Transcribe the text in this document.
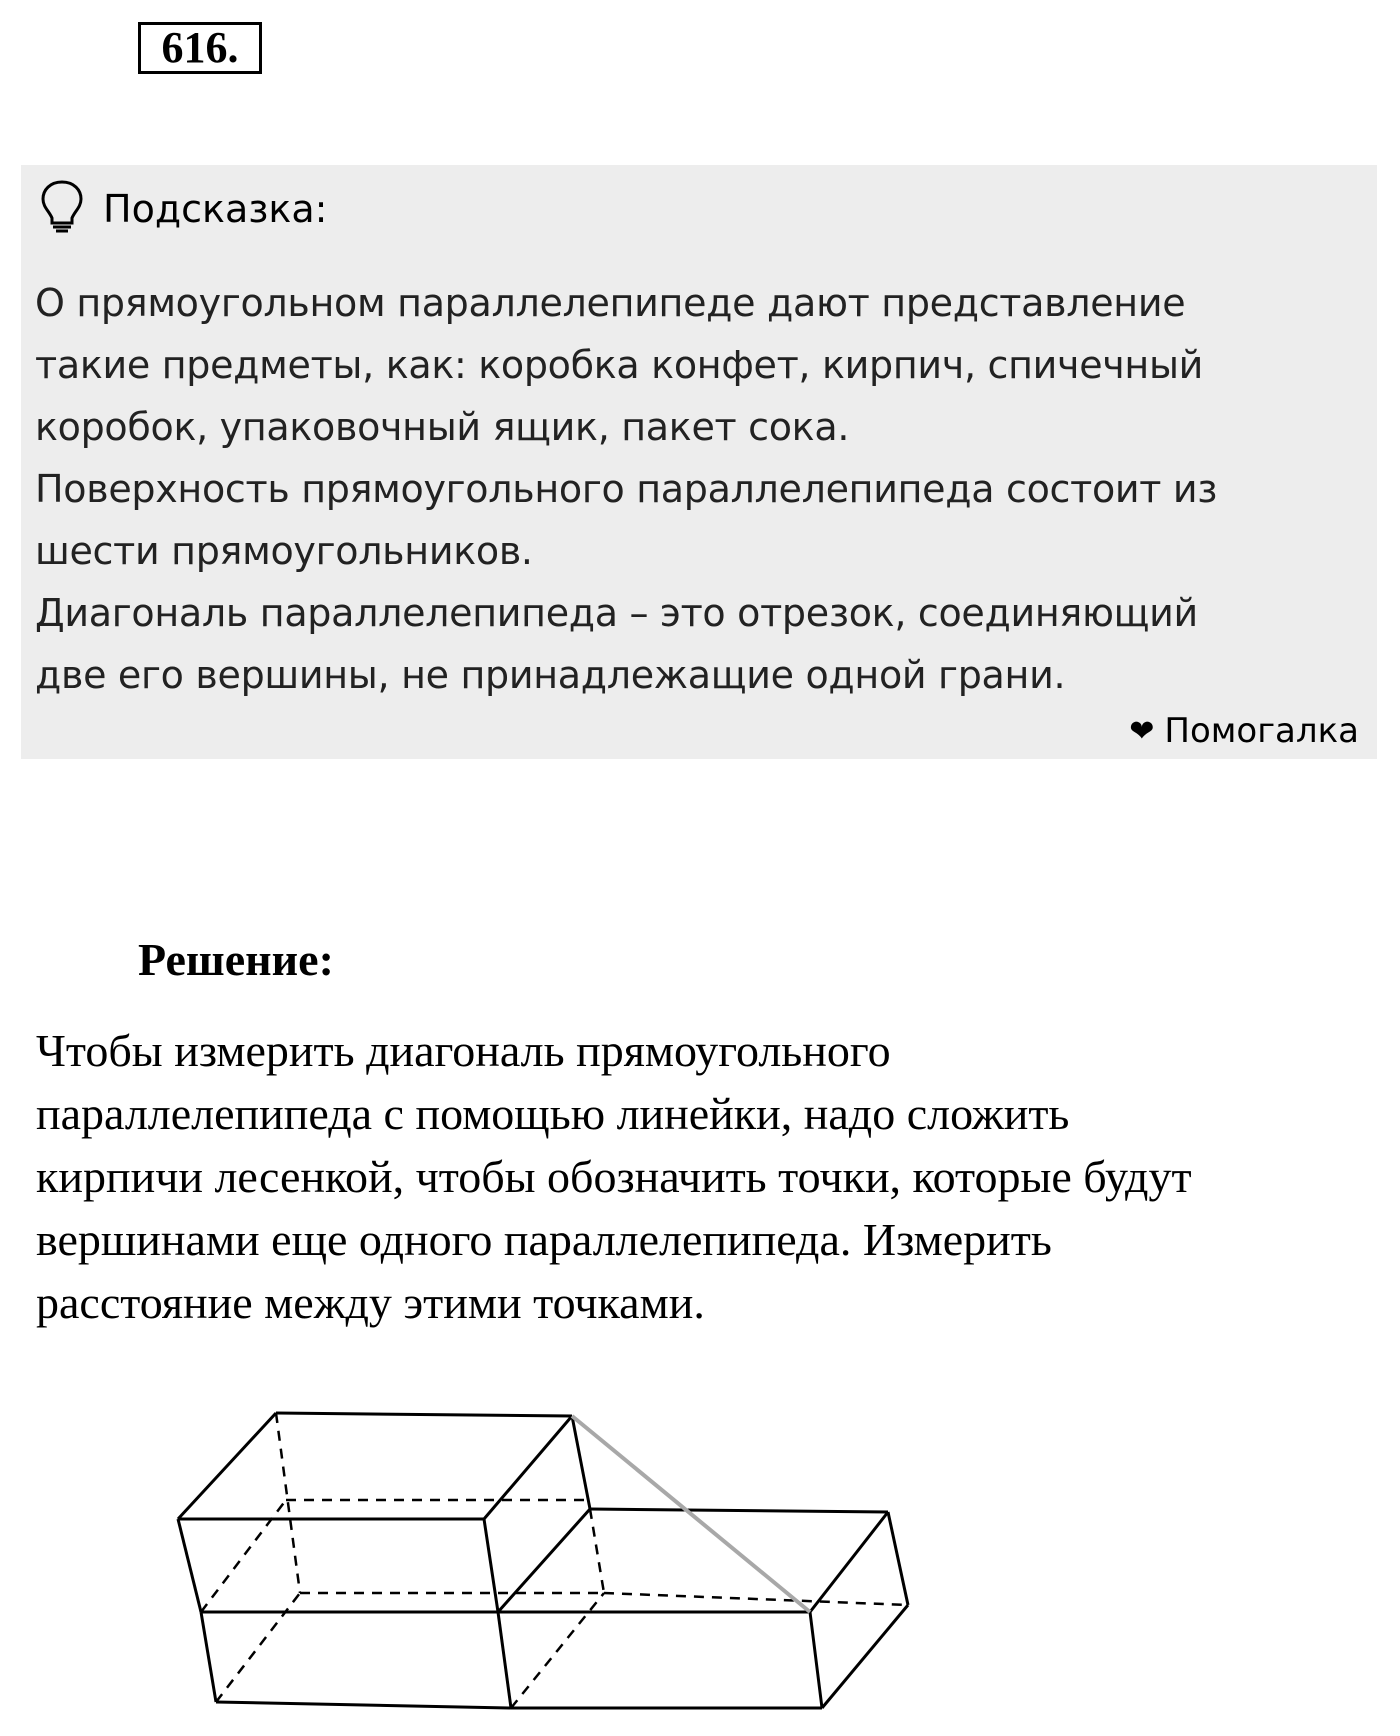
616.
Подсказка:

О прямоугольном параллелепипеде дают представление

такие предметы, как: коробка конфет, кирпич, спичечный

коробок, упаковочный ящик, пакет сока.

Поверхность прямоугольного параллелепипеда состоит из

шести прямоугольников.

Диагональ параллелепипеда – это отрезок, соединяющий

две его вершины, не принадлежащие одной грани.

❤ Помогалка
Решение:

Чтобы измерить диагональ прямоугольного

параллелепипеда с помощью линейки, надо сложить

кирпичи лесенкой, чтобы обозначить точки, которые будут

вершинами еще одного параллелепипеда. Измерить

расстояние между этими точками.
